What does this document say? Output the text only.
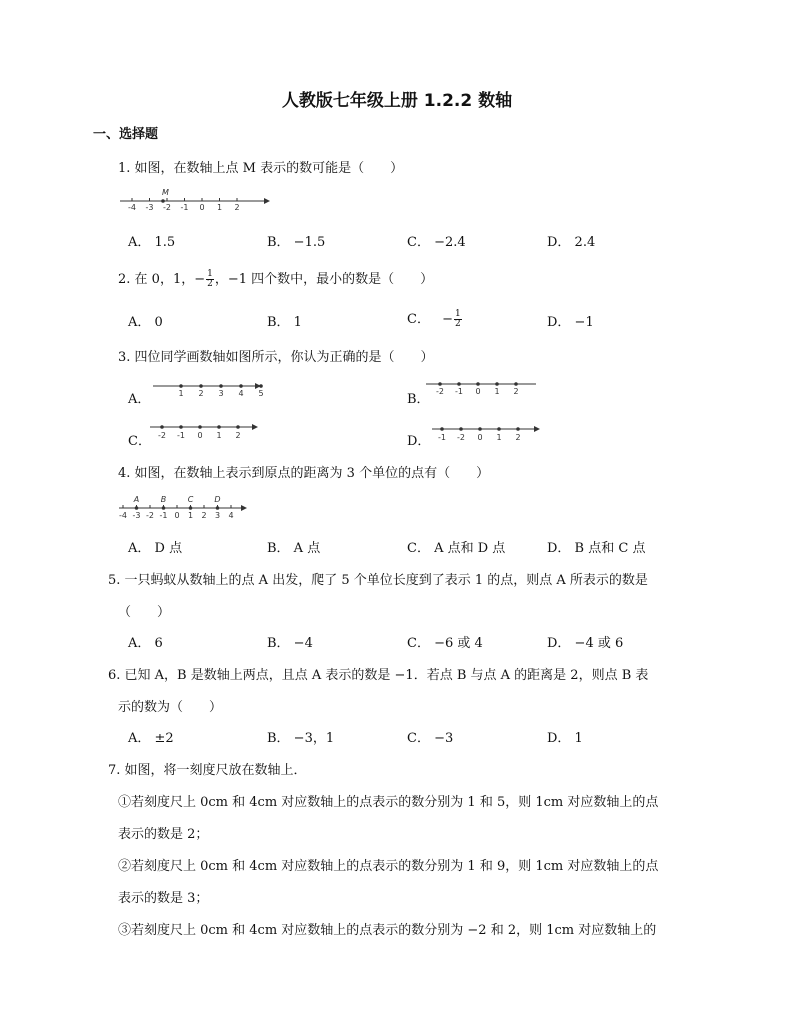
人教版七年级上册 1.2.2 数轴
一、选择题
1. 如图，在数轴上点 M 表示的数可能是（　　）
M
-4 -3 -2 -1 0 1 2
A． 1.5	B． −1.5	C． −2.4	D． 2.4
2. 在 0，1，− $\frac{1}{2}$ ，−1 四个数中，最小的数是（　　）
A． 0	B． 1	C． − $\frac{1}{2}$	D． −1
3. 四位同学画数轴如图所示，你认为正确的是（　　）
A．	1 2 3 4 5	B．
-2 -1 0 1 2
C． -2 -1 0 1 2	D． -1 -2 0 1 2
4. 如图，在数轴上表示到原点的距离为 3 个单位的点有（　　）
A	B	C	D
-4 -3 -2 -1 0 1 2 3 4
A． D 点	B． A 点	C． A 点和 D 点	D． B 点和 C 点
5. 一只蚂蚁从数轴上的点 A 出发，爬了 5 个单位长度到了表示 1 的点，则点 A 所表示的数是
（　　）
A． 6	B． −4	C． −6 或 4	D． −4 或 6
6. 已知 A，B 是数轴上两点，且点 A 表示的数是 −1．若点 B 与点 A 的距离是 2，则点 B 表
示的数为（　　）
A． ±2	B． −3，1	C． −3	D． 1
7. 如图，将一刻度尺放在数轴上．
①若刻度尺上 0cm 和 4cm 对应数轴上的点表示的数分别为 1 和 5，则 1cm 对应数轴上的点
表示的数是 2；
②若刻度尺上 0cm 和 4cm 对应数轴上的点表示的数分别为 1 和 9，则 1cm 对应数轴上的点
表示的数是 3；
③若刻度尺上 0cm 和 4cm 对应数轴上的点表示的数分别为 −2 和 2，则 1cm 对应数轴上的
